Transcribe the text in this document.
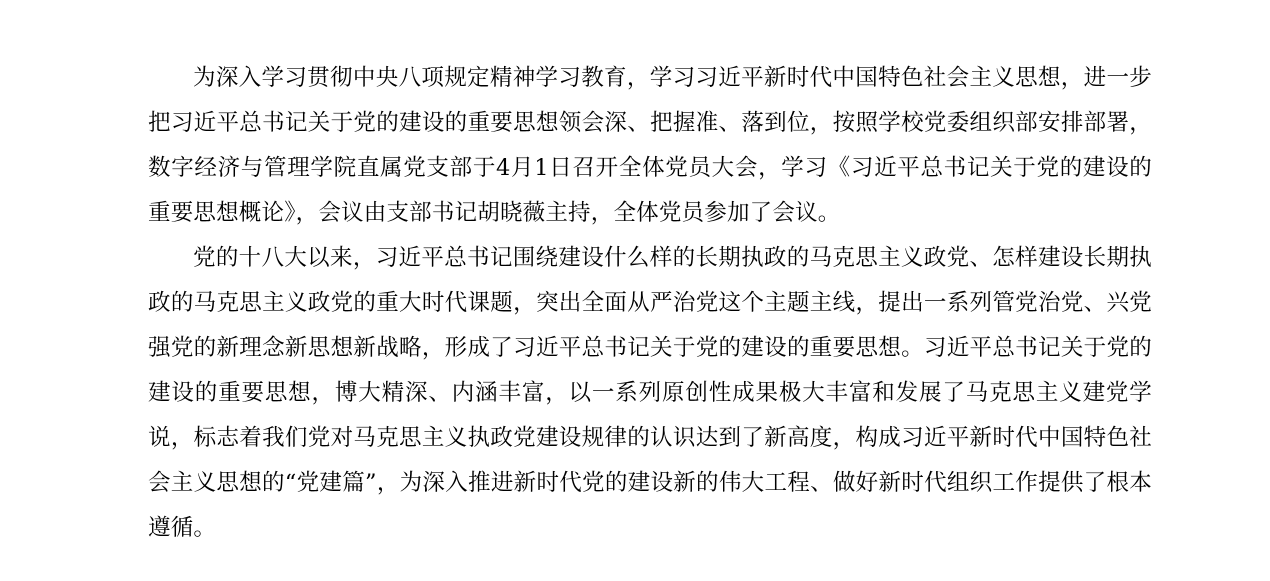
为深入学习贯彻中央八项规定精神学习教育，学习习近平新时代中国特色社会主义思想，进一步把习近平总书记关于党的建设的重要思想领会深、把握准、落到位，按照学校党委组织部安排部署，数字经济与管理学院直属党支部于4月1日召开全体党员大会，学习《习近平总书记关于党的建设的重要思想概论》，会议由支部书记胡晓薇主持，全体党员参加了会议。

党的十八大以来，习近平总书记围绕建设什么样的长期执政的马克思主义政党、怎样建设长期执政的马克思主义政党的重大时代课题，突出全面从严治党这个主题主线，提出一系列管党治党、兴党强党的新理念新思想新战略，形成了习近平总书记关于党的建设的重要思想。习近平总书记关于党的建设的重要思想，博大精深、内涵丰富，以一系列原创性成果极大丰富和发展了马克思主义建党学说，标志着我们党对马克思主义执政党建设规律的认识达到了新高度，构成习近平新时代中国特色社会主义思想的“党建篇”，为深入推进新时代党的建设新的伟大工程、做好新时代组织工作提供了根本遵循。
